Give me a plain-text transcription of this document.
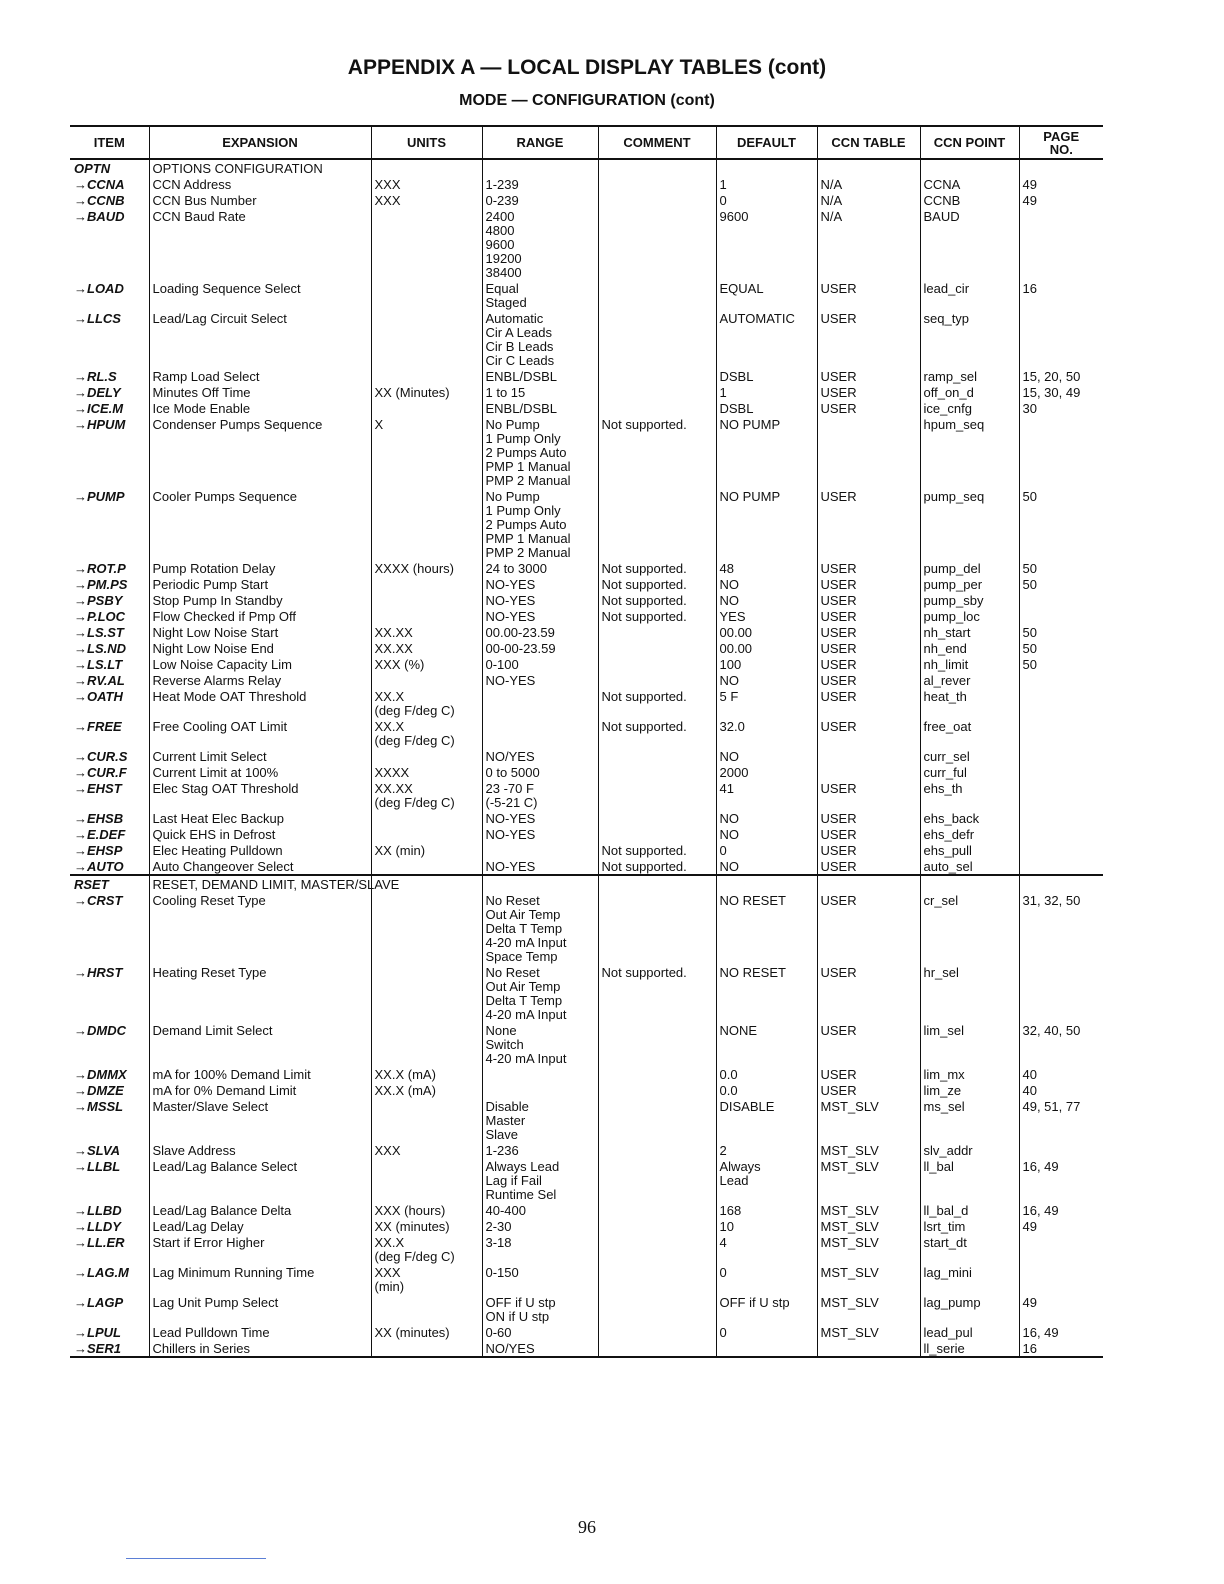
APPENDIX A — LOCAL DISPLAY TABLES (cont)
MODE — CONFIGURATION (cont)
ITEM	EXPANSION	UNITS	RANGE	COMMENT	DEFAULT	CCN TABLE	CCN POINT	PAGE
NO.
OPTN	OPTIONS CONFIGURATION							
→CCNA	CCN Address	XXX	1-239		1	N/A	CCNA	49
→CCNB	CCN Bus Number	XXX	0-239		0	N/A	CCNB	49
→BAUD	CCN Baud Rate		2400
4800
9600
19200
38400		9600	N/A	BAUD	
→LOAD	Loading Sequence Select		Equal
Staged		EQUAL	USER	lead_cir	16
→LLCS	Lead/Lag Circuit Select		Automatic
Cir A Leads
Cir B Leads
Cir C Leads		AUTOMATIC	USER	seq_typ	
→RL.S	Ramp Load Select		ENBL/DSBL		DSBL	USER	ramp_sel	15, 20, 50
→DELY	Minutes Off Time	XX (Minutes)	1 to 15		1	USER	off_on_d	15, 30, 49
→ICE.M	Ice Mode Enable		ENBL/DSBL		DSBL	USER	ice_cnfg	30
→HPUM	Condenser Pumps Sequence	X	No Pump
1 Pump Only
2 Pumps Auto
PMP 1 Manual
PMP 2 Manual	Not supported.	NO PUMP		hpum_seq	
→PUMP	Cooler Pumps Sequence		No Pump
1 Pump Only
2 Pumps Auto
PMP 1 Manual
PMP 2 Manual		NO PUMP	USER	pump_seq	50
→ROT.P	Pump Rotation Delay	XXXX (hours)	24 to 3000	Not supported.	48	USER	pump_del	50
→PM.PS	Periodic Pump Start		NO-YES	Not supported.	NO	USER	pump_per	50
→PSBY	Stop Pump In Standby		NO-YES	Not supported.	NO	USER	pump_sby	
→P.LOC	Flow Checked if Pmp Off		NO-YES	Not supported.	YES	USER	pump_loc	
→LS.ST	Night Low Noise Start	XX.XX	00.00-23.59		00.00	USER	nh_start	50
→LS.ND	Night Low Noise End	XX.XX	00-00-23.59		00.00	USER	nh_end	50
→LS.LT	Low Noise Capacity Lim	XXX (%)	0-100		100	USER	nh_limit	50
→RV.AL	Reverse Alarms Relay		NO-YES		NO	USER	al_rever	
→OATH	Heat Mode OAT Threshold	XX.X
(deg F/deg C)		Not supported.	5 F	USER	heat_th	
→FREE	Free Cooling OAT Limit	XX.X
(deg F/deg C)		Not supported.	32.0	USER	free_oat	
→CUR.S	Current Limit Select		NO/YES		NO		curr_sel	
→CUR.F	Current Limit at 100%	XXXX	0 to 5000		2000		curr_ful	
→EHST	Elec Stag OAT Threshold	XX.XX
(deg F/deg C)	23 -70 F
(-5-21 C)		41	USER	ehs_th	
→EHSB	Last Heat Elec Backup		NO-YES		NO	USER	ehs_back	
→E.DEF	Quick EHS in Defrost		NO-YES		NO	USER	ehs_defr	
→EHSP	Elec Heating Pulldown	XX (min)		Not supported.	0	USER	ehs_pull	
→AUTO	Auto Changeover Select		NO-YES	Not supported.	NO	USER	auto_sel	
RSET	RESET, DEMAND LIMIT, MASTER/SLAVE							
→CRST	Cooling Reset Type		No Reset
Out Air Temp
Delta T Temp
4-20 mA Input
Space Temp		NO RESET	USER	cr_sel	31, 32, 50
→HRST	Heating Reset Type		No Reset
Out Air Temp
Delta T Temp
4-20 mA Input	Not supported.	NO RESET	USER	hr_sel	
→DMDC	Demand Limit Select		None
Switch
4-20 mA Input		NONE	USER	lim_sel	32, 40, 50
→DMMX	mA for 100% Demand Limit	XX.X (mA)			0.0	USER	lim_mx	40
→DMZE	mA for 0% Demand Limit	XX.X (mA)			0.0	USER	lim_ze	40
→MSSL	Master/Slave Select		Disable
Master
Slave		DISABLE	MST_SLV	ms_sel	49, 51, 77
→SLVA	Slave Address	XXX	1-236		2	MST_SLV	slv_addr	
→LLBL	Lead/Lag Balance Select		Always Lead
Lag if Fail
Runtime Sel		Always
Lead	MST_SLV	ll_bal	16, 49
→LLBD	Lead/Lag Balance Delta	XXX (hours)	40-400		168	MST_SLV	ll_bal_d	16, 49
→LLDY	Lead/Lag Delay	XX (minutes)	2-30		10	MST_SLV	lsrt_tim	49
→LL.ER	Start if Error Higher	XX.X
(deg F/deg C)	3-18		4	MST_SLV	start_dt	
→LAG.M	Lag Minimum Running Time	XXX
(min)	0-150		0	MST_SLV	lag_mini	
→LAGP	Lag Unit Pump Select		OFF if U stp
ON if U stp		OFF if U stp	MST_SLV	lag_pump	49
→LPUL	Lead Pulldown Time	XX (minutes)	0-60		0	MST_SLV	lead_pul	16, 49
→SER1	Chillers in Series		NO/YES				ll_serie	16
96
